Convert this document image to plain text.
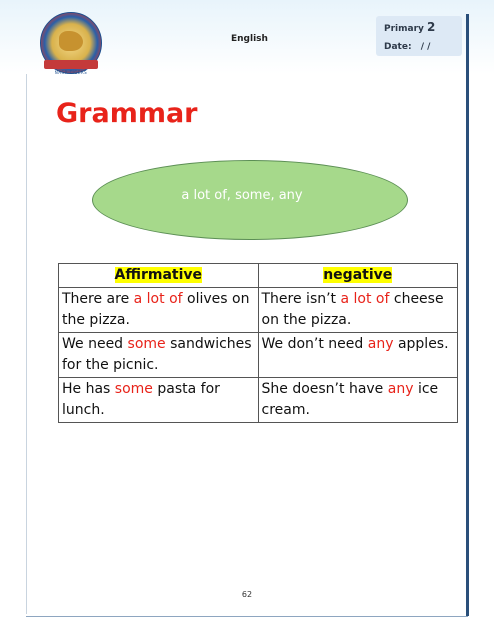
NASR TIGERS
English
Primary 2
Date: / /
Grammar
a lot of, some, any
Affirmative	negative
There are a lot of olives on the pizza.	There isn’t a lot of cheese on the pizza.
We need some sandwiches for the picnic.	We don’t need any apples.
He has some pasta for lunch.	She doesn’t have any ice cream.
62
